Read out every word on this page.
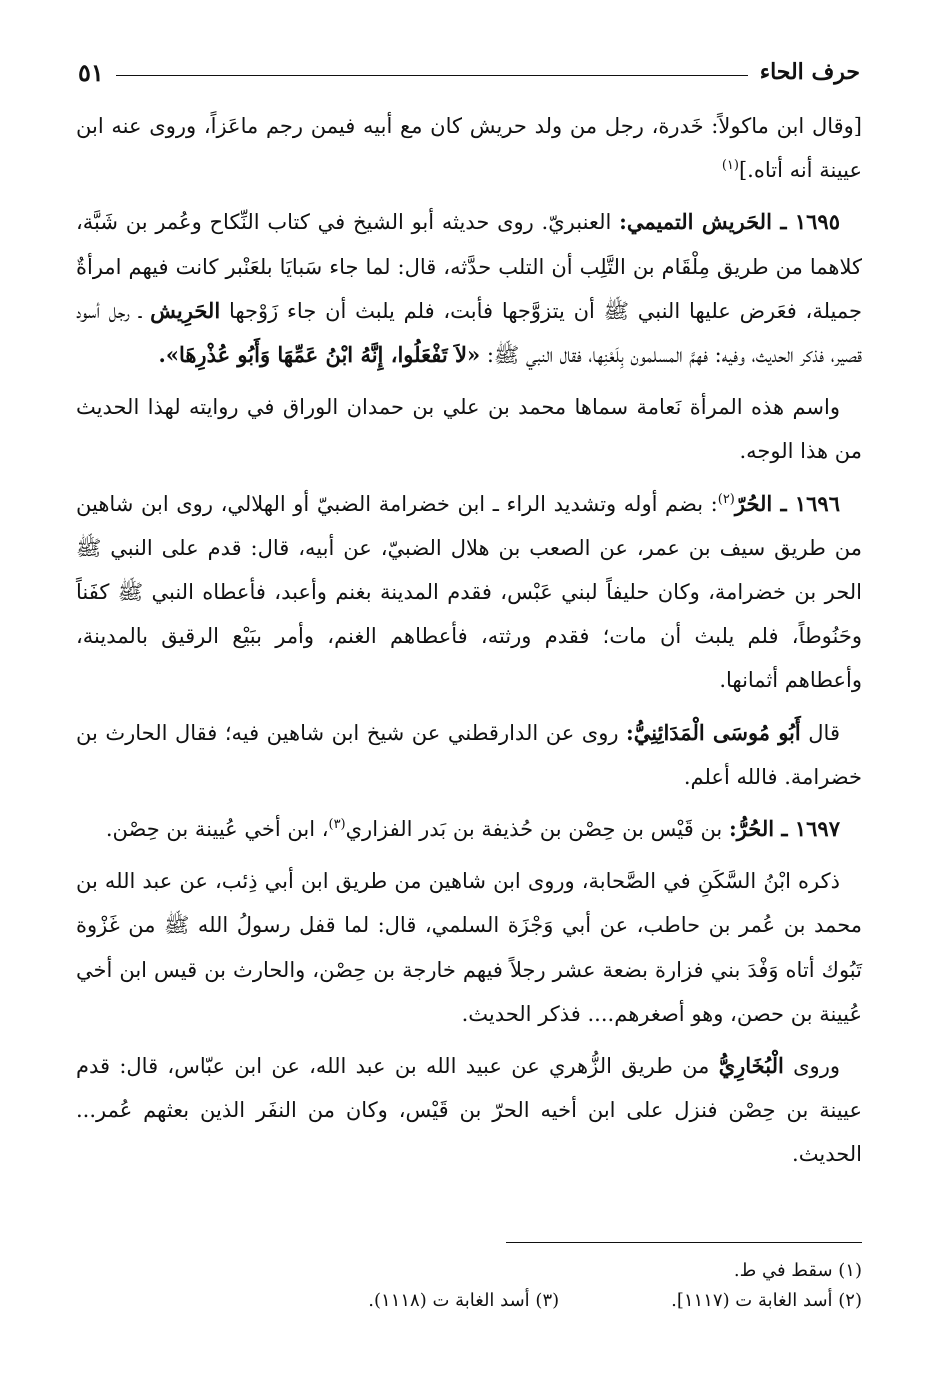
حرف الحاء
٥١

[وقال ابن ماكولاً: خَدرة، رجل من ولد حريش كان مع أبيه فيمن رجم ماعَزاً، وروى عنه ابن عيينة أنه أتاه.]$^{(١)}$

١٦٩٥ ـ الحَريش التميمي: العنبريّ. روى حديثه أبو الشيخ في كتاب النِّكاح وعُمر بن شَبَّة، كلاهما من طريق مِلْقَام بن التَّلِب أن التلب حدَّثه، قال: لما جاء سَبايَا بلعَنْبر كانت فيهم امرأةٌ جميلة، فعَرض عليها النبي ﷺ أن يتزوَّجها فأبت، فلم يلبث أن جاء زَوْجها الحَرِيش ـ رجل أسود قصير، فذكر الحديث، وفيه: فهمَّ المسلمون بِلَعْنِها، فقال النبي ﷺ: «لاَ تَفْعَلُوا، إِنَّهُ ابْنُ عَمِّهَا وَأَبُو عُذْرِهَا».

واسم هذه المرأة نَعامة سماها محمد بن علي بن حمدان الوراق في روايته لهذا الحديث من هذا الوجه.

١٦٩٦ ـ الحُرّ$^{(٢)}$: بضم أوله وتشديد الراء ـ ابن خضرامة الضبيّ أو الهلالي، روى ابن شاهين من طريق سيف بن عمر، عن الصعب بن هلال الضبيّ، عن أبيه، قال: قدم على النبي ﷺ الحر بن خضرامة، وكان حليفاً لبني عَبْس، فقدم المدينة بغنم وأعبد، فأعطاه النبي ﷺ كفَناً وحَنُوطاً، فلم يلبث أن مات؛ فقدم ورثته، فأعطاهم الغنم، وأمر ببَيْع الرقيق بالمدينة، وأعطاهم أثمانها.

قال أَبُو مُوسَى الْمَدَائِنِيُّ: روى عن الدارقطني عن شيخ ابن شاهين فيه؛ فقال الحارث بن خضرامة. فالله أعلم.

١٦٩٧ ـ الحُرُّ: بن قَيْس بن حِصْن بن حُذيفة بن بَدر الفزاري$^{(٣)}$، ابن أخي عُيينة بن حِصْن.

ذكره ابْنُ السَّكَنِ في الصَّحابة، وروى ابن شاهين من طريق ابن أبي ذِئب، عن عبد الله بن محمد بن عُمر بن حاطب، عن أبي وَجْزَة السلمي، قال: لما قفل رسولُ الله ﷺ من غَزْوة تَبُوك أتاه وَفْدَ بني فزارة بضعة عشر رجلاً فيهم خارجة بن حِصْن، والحارث بن قيس ابن أخي عُيينة بن حصن، وهو أصغرهم.... فذكر الحديث.

وروى الْبُخَارِيُّ من طريق الزُّهري عن عبيد الله بن عبد الله، عن ابن عبّاس، قال: قدم عيينة بن حِصْن فنزل على ابن أخيه الحرّ بن قَيْس، وكان من النفَر الذين بعثهم عُمر... الحديث.

(١) سقط في ط.
(٢) أسد الغابة ت (١١١٧].
(٣) أسد الغابة ت (١١١٨).
